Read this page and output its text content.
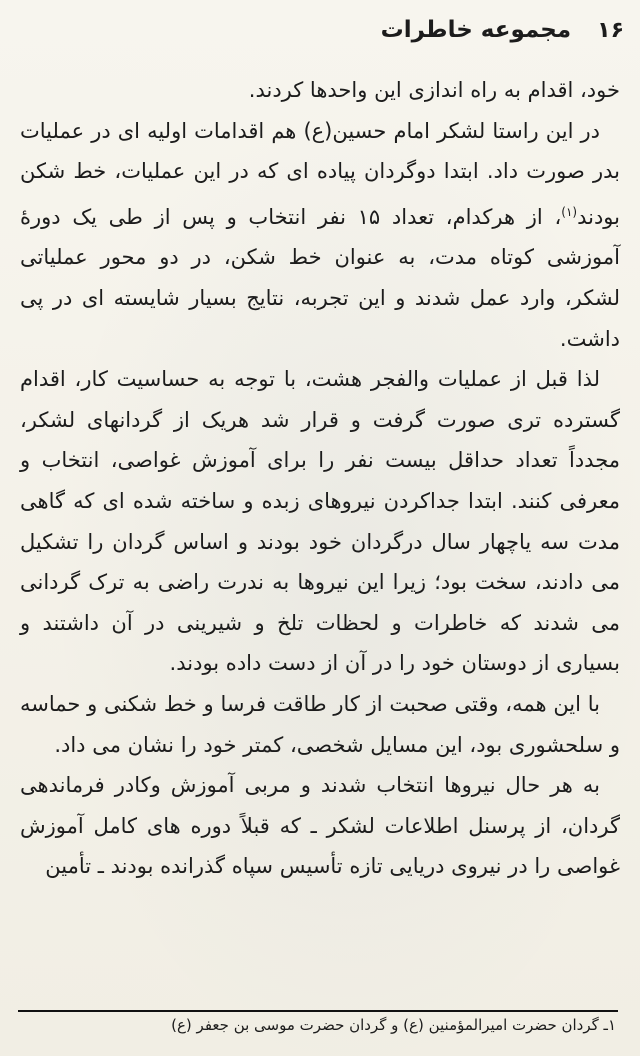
۱۶
مجموعه خاطرات

خود، اقدام به راه اندازی این واحدها کردند.

در این راستا لشکر امام حسین(ع) هم اقدامات اولیه ای در عملیات بدر صورت داد. ابتدا دوگردان پیاده ای که در این عملیات، خط شکن بودند$^{(۱)}$، از هرکدام، تعداد ۱۵ نفر انتخاب و پس از طی یک دورهٔ آموزشی کوتاه مدت، به عنوان خط شکن، در دو محور عملیاتی لشکر، وارد عمل شدند و این تجربه، نتایج بسیار شایسته ای در پی داشت.

لذا قبل از عملیات والفجر هشت، با توجه به حساسیت کار، اقدام گسترده تری صورت گرفت و قرار شد هریک از گردانهای لشکر، مجدداً تعداد حداقل بیست نفر را برای آموزش غواصی، انتخاب و معرفی کنند. ابتدا جداکردن نیروهای زبده و ساخته شده ای که گاهی مدت سه یاچهار سال درگردان خود بودند و اساس گردان را تشکیل می دادند، سخت بود؛ زیرا این نیروها به ندرت راضی به ترک گردانی می شدند که خاطرات و لحظات تلخ و شیرینی در آن داشتند و بسیاری از دوستان خود را در آن از دست داده بودند.

با این همه، وقتی صحبت از کار طاقت فرسا و خط شکنی و حماسه و سلحشوری بود، این مسایل شخصی، کمتر خود را نشان می داد.

به هر حال نیروها انتخاب شدند و مربی آموزش وکادر فرماندهی گردان، از پرسنل اطلاعات لشکر ـ که قبلاً دوره های کامل آموزش غواصی را در نیروی دریایی تازه تأسیس سپاه گذرانده بودند ـ تأمین

۱ـ گردان حضرت امیرالمؤمنین (ع) و گردان حضرت موسی بن جعفر (ع)
